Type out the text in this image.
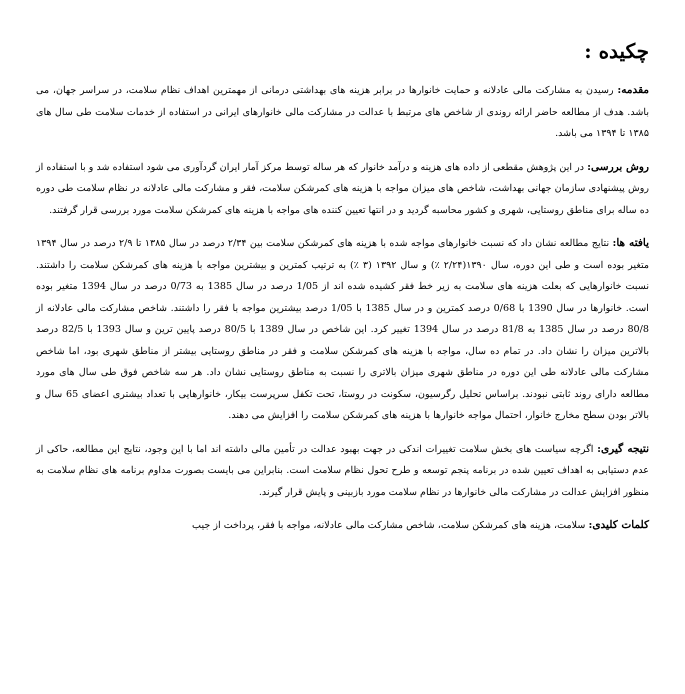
چکیده :

مقدمه: رسیدن به مشارکت مالی عادلانه و حمایت خانوارها در برابر هزینه های بهداشتی درمانی از مهمترین اهداف نظام سلامت، در سراسر جهان، می باشد. هدف از مطالعه حاضر ارائه روندی از شاخص های مرتبط با عدالت در مشارکت مالی خانوارهای ایرانی در استفاده از خدمات سلامت طی سال های ۱۳۸۵ تا ۱۳۹۴ می باشد.

روش بررسی: در این پژوهش مقطعی از داده های هزینه و درآمد خانوار که هر ساله توسط مرکز آمار ایران گردآوری می شود استفاده شد و با استفاده از روش پیشنهادی سازمان جهانی بهداشت، شاخص های میزان مواجه با هزینه های کمرشکن سلامت، فقر و مشارکت مالی عادلانه در نظام سلامت طی دوره ده ساله برای مناطق روستایی، شهری و کشور محاسبه گردید و در انتها تعیین کننده های مواجه با هزینه های کمرشکن سلامت مورد بررسی قرار گرفتند.

یافته ها: نتایج مطالعه نشان داد که نسبت خانوارهای مواجه شده با هزینه های کمرشکن سلامت بین ۲/۳۴ درصد در سال ۱۳۸۵ تا ۲/۹ درصد در سال ۱۳۹۴ متغیر بوده است و طی این دوره، سال ۱۳۹۰(۲/۲۴ ٪) و سال ۱۳۹۲ (۳ ٪) به ترتیب کمترین و بیشترین مواجه با هزینه های کمرشکن سلامت را داشتند. نسبت خانوارهایی که بعلت هزینه های سلامت به زیر خط فقر کشیده شده اند از 1/05 درصد در سال 1385 به 0/73 درصد در سال 1394 متغیر بوده است. خانوارها در سال 1390 با 0/68 درصد کمترین و در سال 1385 با 1/05 درصد بیشترین مواجه با فقر را داشتند. شاخص مشارکت مالی عادلانه از 80/8 درصد در سال 1385 به 81/8 درصد در سال 1394 تغییر کرد. این شاخص در سال 1389 با 80/5 درصد پایین ترین و سال 1393 با 82/5 درصد بالاترین میزان را نشان داد. در تمام ده سال، مواجه با هزینه های کمرشکن سلامت و فقر در مناطق روستایی بیشتر از مناطق شهری بود، اما شاخص مشارکت مالی عادلانه طی این دوره در مناطق شهری میزان بالاتری را نسبت به مناطق روستایی نشان داد. هر سه شاخص فوق طی سال های مورد مطالعه دارای روند ثابتی نبودند. براساس تحلیل رگرسیون، سکونت در روستا، تحت تکفل سرپرست بیکار، خانوارهایی با تعداد بیشتری اعضای 65 سال و بالاتر بودن سطح مخارج خانوار، احتمال مواجه خانوارها با هزینه های کمرشکن سلامت را افزایش می دهند.

نتیجه گیری: اگرچه سیاست های بخش سلامت تغییرات اندکی در جهت بهبود عدالت در تأمین مالی داشته اند اما با این وجود، نتایج این مطالعه، حاکی از عدم دستیابی به اهداف تعیین شده در برنامه پنجم توسعه و طرح تحول نظام سلامت است. بنابراین می بایست بصورت مداوم برنامه های نظام سلامت به منظور افزایش عدالت در مشارکت مالی خانوارها در نظام سلامت مورد بازبینی و پایش قرار گیرند.

کلمات کلیدی: سلامت، هزینه های کمرشکن سلامت، شاخص مشارکت مالی عادلانه، مواجه با فقر، پرداخت از جیب
